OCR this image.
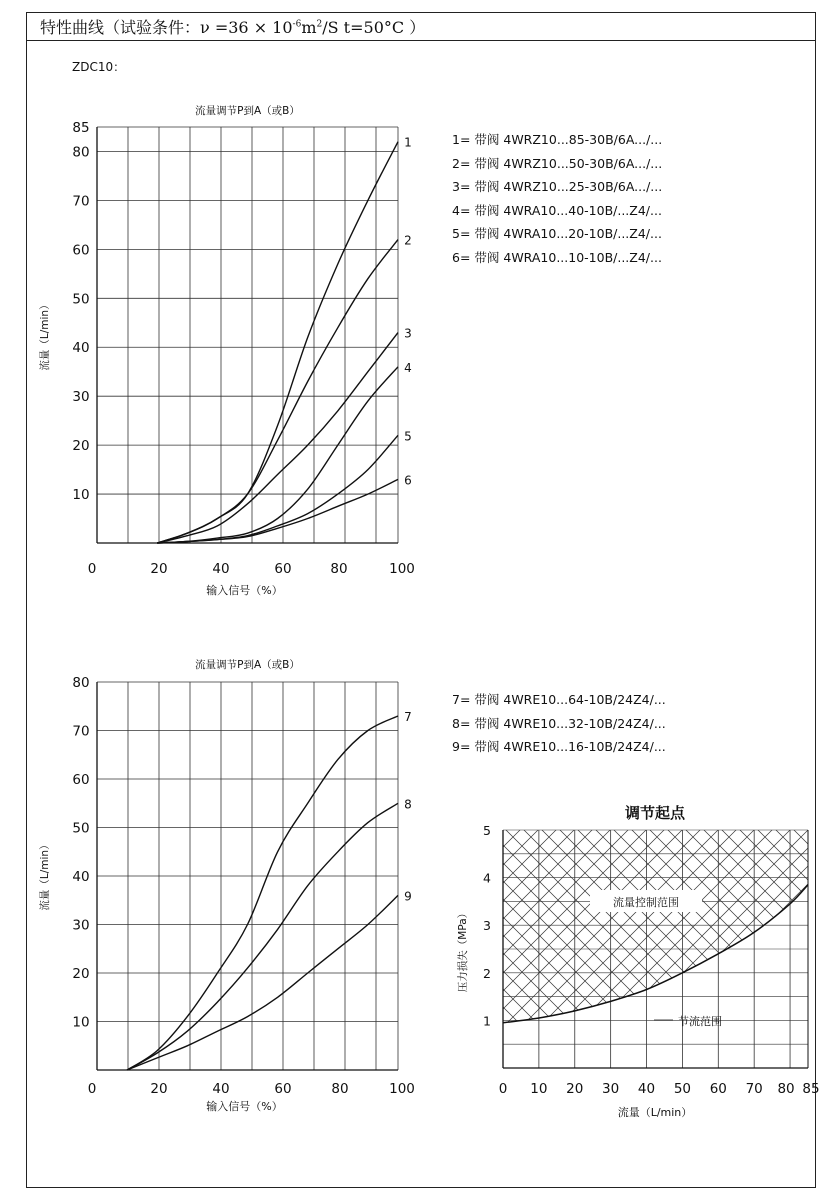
特性曲线（试验条件：$\nu =36 \times 10^{-6}m^2/S$ t=50°C ）
ZDC10：
10
20
30
40
50
60
70
80
85
0	20	40	60	80	100
流量调节P到A（或B）
输入信号（%）
流量（L/min）
1
2
3
4
5
6
10
20
30
40
50
60
70
80
0	20	40	60	80	100
流量调节P到A（或B）
输入信号（%）
流量（L/min）
7
8
9
0 10 20 30 40 50 60 70 80 85
1
2
3
4
5
调节起点
流量（L/min）
压力损失（MPa）
流量控制范围
节流范围
1= 带阀 4WRZ10...85-30B/6A.../...
2= 带阀 4WRZ10...50-30B/6A.../...
3= 带阀 4WRZ10...25-30B/6A.../...
4= 带阀 4WRA10...40-10B/...Z4/...
5= 带阀 4WRA10...20-10B/...Z4/...
6= 带阀 4WRA10...10-10B/...Z4/...
7= 带阀 4WRE10...64-10B/24Z4/...
8= 带阀 4WRE10...32-10B/24Z4/...
9= 带阀 4WRE10...16-10B/24Z4/...
